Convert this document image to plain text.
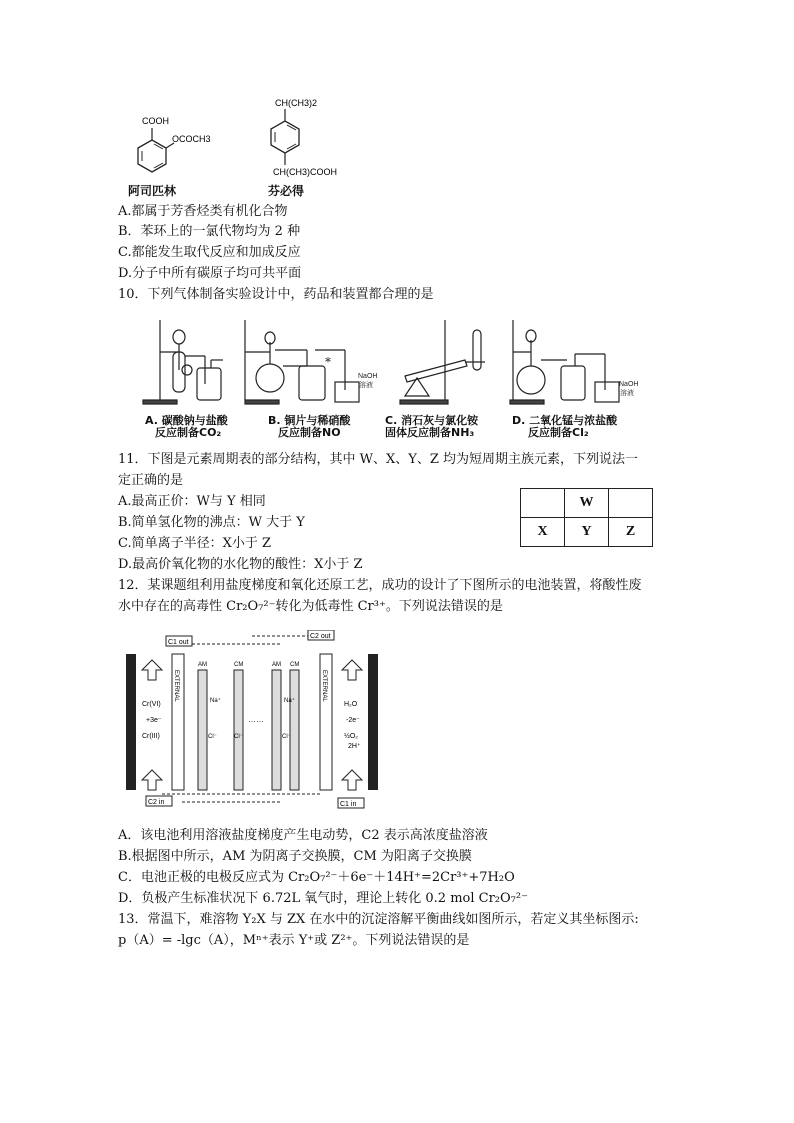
COOH
OCOCH3
阿司匹林
CH(CH3)2
CH(CH3)COOH
芬必得
A.都属于芳香烃类有机化合物
B．苯环上的一氯代物均为 2 种
C.都能发生取代反应和加成反应
D.分子中所有碳原子均可共平面
10．下列气体制备实验设计中，药品和装置都合理的是
*
NaOH
溶液	NaOH
溶液
A. 碳酸钠与盐酸
反应制备CO₂
B. 铜片与稀硝酸
反应制备NO
C. 消石灰与氯化铵
固体反应制备NH₃
D. 二氧化锰与浓盐酸
反应制备Cl₂
11．下图是元素周期表的部分结构，其中 W、X、Y、Z 均为短周期主族元素，下列说法一
定正确的是
A.最高正价：W与 Y 相同
B.简单氢化物的沸点：W 大于 Y
C.简单离子半径：X小于 Z
D.最高价氧化物的水化物的酸性：X小于 Z
	W	
X	Y	Z
12．某课题组利用盐度梯度和氧化还原工艺，成功的设计了下图所示的电池装置，将酸性废
水中存在的高毒性 Cr₂O₇²⁻转化为低毒性 Cr³⁺。下列说法错误的是
C1 out
C2 out
C2 in	C1 in
Cr(VI)
+3e⁻
Cr(III)
H₂O
-2e⁻
½O₂
2H⁺
AM	CM	AM CM
Na⁺	Na⁺
Cl⁻	Cl⁻	Cl⁻
……
EXTERNAL	EXTERNAL
A．该电池利用溶液盐度梯度产生电动势，C2 表示高浓度盐溶液
B.根据图中所示，AM 为阴离子交换膜，CM 为阳离子交换膜
C．电池正极的电极反应式为 Cr₂O₇²⁻＋6e⁻＋14H⁺=2Cr³⁺+7H₂O
D．负极产生标准状况下 6.72L 氧气时，理论上转化 0.2 mol Cr₂O₇²⁻
13．常温下，难溶物 Y₂X 与 ZX 在水中的沉淀溶解平衡曲线如图所示，若定义其坐标图示:
p（A）= -lgc（A），Mⁿ⁺表示 Y⁺或 Z²⁺。下列说法错误的是
